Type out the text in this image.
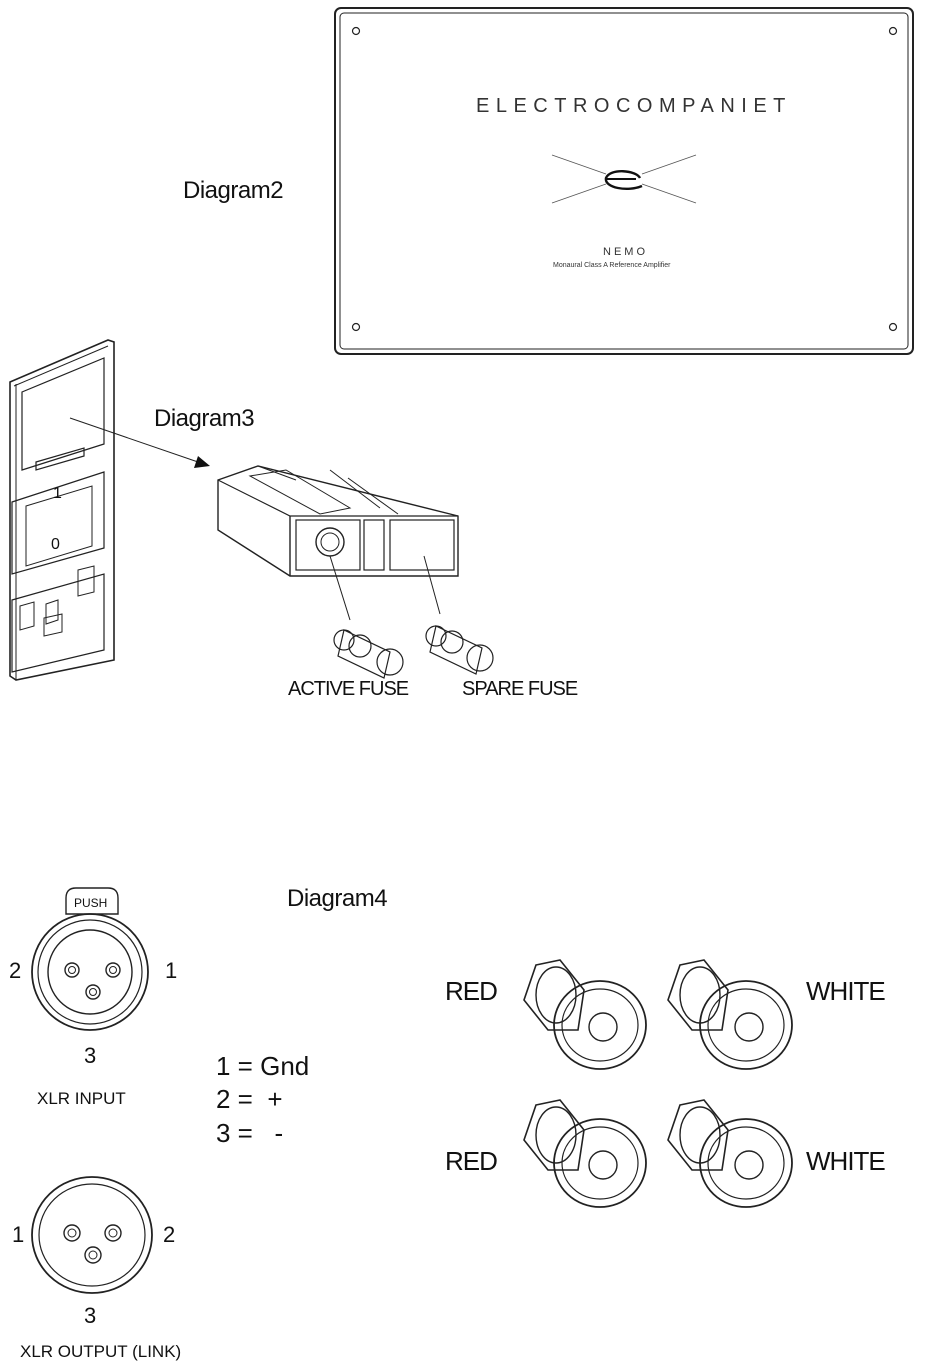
Diagram2
ELECTROCOMPANIET
NEMO
Monaural Class A Reference Amplifier
Diagram3
1
0
ACTIVE FUSE	SPARE FUSE
Diagram4
PUSH
2	1
3
XLR INPUT
1	2
3
XLR OUTPUT (LINK)
1 = Gnd
2 =  +
3 =   -
RED	WHITE
RED	WHITE
